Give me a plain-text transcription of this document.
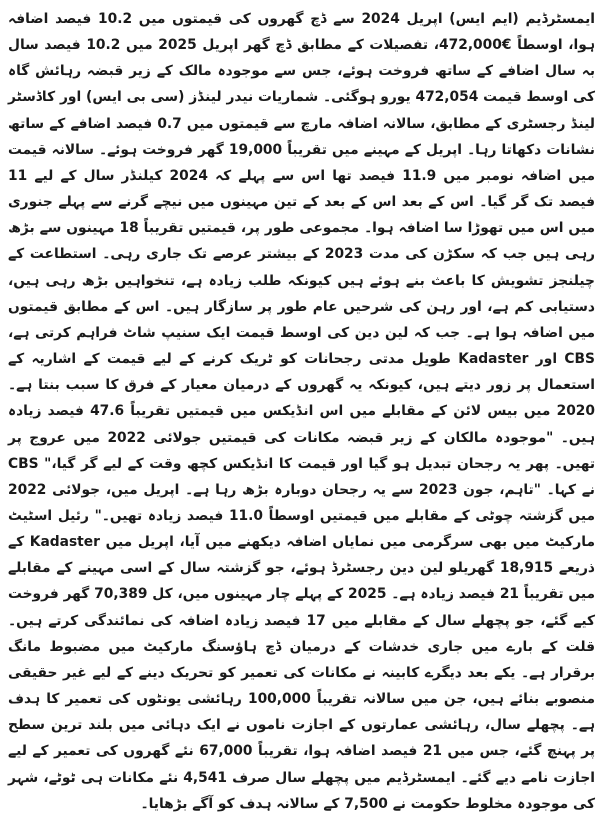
ایمسٹرڈیم (ایم ایس) اپریل 2024 سے ڈچ گھروں کی قیمتوں میں 10.2 فیصد اضافہ ہوا، اوسطاً €472,000، تفصیلات کے مطابق ڈچ گھر اپریل 2025 میں 10.2 فیصد سال بہ سال اضافے کے ساتھ فروخت ہوئے، جس سے موجودہ مالک کے زیر قبضہ رہائش گاہ کی اوسط قیمت 472,054 یورو ہوگئی۔ شماریات نیدر لینڈز (سی بی ایس) اور کاڈسٹر لینڈ رجسٹری کے مطابق، سالانہ اضافہ مارچ سے قیمتوں میں 0.7 فیصد اضافے کے ساتھ نشانات دکھاتا رہا۔ اپریل کے مہینے میں تقریباً 19,000 گھر فروخت ہوئے۔ سالانہ قیمت میں اضافہ نومبر میں 11.9 فیصد تھا اس سے پہلے کہ 2024 کیلنڈر سال کے لیے 11 فیصد تک گر گیا۔ اس کے بعد اس کے بعد کے تین مہینوں میں نیچے گرنے سے پہلے جنوری میں اس میں تھوڑا سا اضافہ ہوا۔ مجموعی طور پر، قیمتیں تقریباً 18 مہینوں سے بڑھ رہی ہیں جب کہ سکڑن کی مدت 2023 کے بیشتر عرصے تک جاری رہی۔ استطاعت کے چیلنجز تشویش کا باعث بنے ہوئے ہیں کیونکہ طلب زیادہ ہے، تنخواہیں بڑھ رہی ہیں، دستیابی کم ہے، اور رہن کی شرحیں عام طور پر سازگار ہیں۔ اس کے مطابق قیمتوں میں اضافہ ہوا ہے۔ جب کہ لین دین کی اوسط قیمت ایک سنیپ شاٹ فراہم کرتی ہے، CBS اور Kadaster طویل مدتی رجحانات کو ٹریک کرنے کے لیے قیمت کے اشاریہ کے استعمال پر زور دیتے ہیں، کیونکہ یہ گھروں کے درمیان معیار کے فرق کا سبب بنتا ہے۔ 2020 میں بیس لائن کے مقابلے میں اس انڈیکس میں قیمتیں تقریباً 47.6 فیصد زیادہ ہیں۔ "موجودہ مالکان کے زیر قبضہ مکانات کی قیمتیں جولائی 2022 میں عروج پر تھیں۔ پھر یہ رجحان تبدیل ہو گیا اور قیمت کا انڈیکس کچھ وقت کے لیے گر گیا،" CBS نے کہا۔ "تاہم، جون 2023 سے یہ رجحان دوبارہ بڑھ رہا ہے۔ اپریل میں، جولائی 2022 میں گزشتہ چوٹی کے مقابلے میں قیمتیں اوسطاً 11.0 فیصد زیادہ تھیں۔" رئیل اسٹیٹ مارکیٹ میں بھی سرگرمی میں نمایاں اضافہ دیکھنے میں آیا، اپریل میں Kadaster کے ذریعے 18,915 گھریلو لین دین رجسٹرڈ ہوئے، جو گزشتہ سال کے اسی مہینے کے مقابلے میں تقریباً 21 فیصد زیادہ ہے۔ 2025 کے پہلے چار مہینوں میں، کل 70,389 گھر فروخت کیے گئے، جو پچھلے سال کے مقابلے میں 17 فیصد زیادہ اضافہ کی نمائندگی کرتے ہیں۔ قلت کے بارے میں جاری خدشات کے درمیان ڈچ ہاؤسنگ مارکیٹ میں مضبوط مانگ برقرار ہے۔ یکے بعد دیگرے کابینہ نے مکانات کی تعمیر کو تحریک دینے کے لیے غیر حقیقی منصوبے بنائے ہیں، جن میں سالانہ تقریباً 100,000 رہائشی یونٹوں کی تعمیر کا ہدف ہے۔ پچھلے سال، رہائشی عمارتوں کے اجازت ناموں نے ایک دہائی میں بلند ترین سطح پر پہنچ گئے، جس میں 21 فیصد اضافہ ہوا، تقریباً 67,000 نئے گھروں کی تعمیر کے لیے اجازت نامے دیے گئے۔ ایمسٹرڈیم میں پچھلے سال صرف 4,541 نئے مکانات ہی ٹوٹے، شہر کی موجودہ مخلوط حکومت نے 7,500 کے سالانہ ہدف کو آگے بڑھایا۔
